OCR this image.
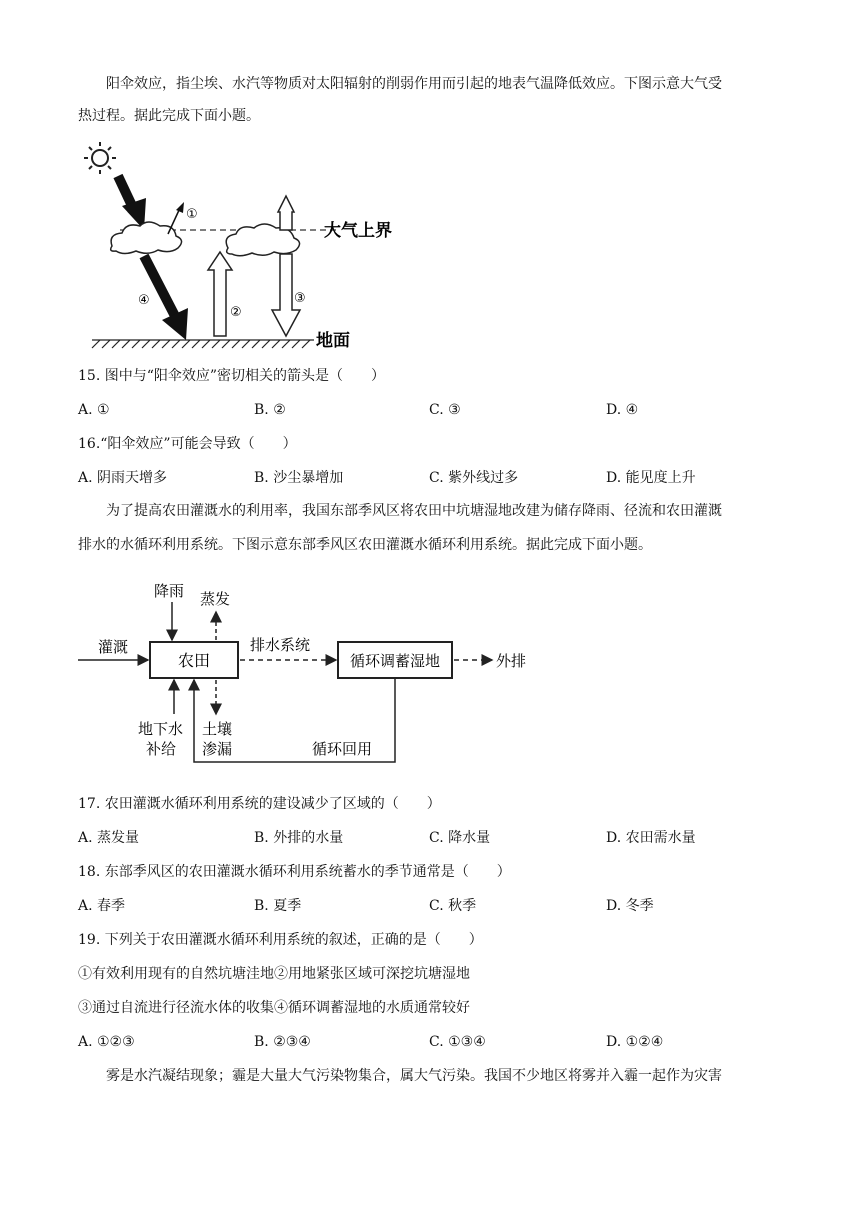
阳伞效应，指尘埃、水汽等物质对太阳辐射的削弱作用而引起的地表气温降低效应。下图示意大气受
热过程。据此完成下面小题。
①
④
②
③
大气上界
地面
15. 图中与“阳伞效应”密切相关的箭头是（　　）
A. ①	B. ②	C. ③	D. ④
16.“阳伞效应”可能会导致（　　）
A. 阴雨天增多	B. 沙尘暴增加	C. 紫外线过多	D. 能见度上升
为了提高农田灌溉水的利用率，我国东部季风区将农田中坑塘湿地改建为储存降雨、径流和农田灌溉
排水的水循环利用系统。下图示意东部季风区农田灌溉水循环利用系统。据此完成下面小题。
农田	循环调蓄湿地
灌溉
降雨 蒸发
排水系统
外排
地下水
补给
土壤
渗漏	循环回用
17. 农田灌溉水循环利用系统的建设减少了区域的（　　）
A. 蒸发量	B. 外排的水量	C. 降水量	D. 农田需水量
18. 东部季风区的农田灌溉水循环利用系统蓄水的季节通常是（　　）
A. 春季	B. 夏季	C. 秋季	D. 冬季
19. 下列关于农田灌溉水循环利用系统的叙述，正确的是（　　）
①有效利用现有的自然坑塘洼地②用地紧张区域可深挖坑塘湿地
③通过自流进行径流水体的收集④循环调蓄湿地的水质通常较好
A. ①②③	B. ②③④	C. ①③④	D. ①②④
雾是水汽凝结现象；霾是大量大气污染物集合，属大气污染。我国不少地区将雾并入霾一起作为灾害
